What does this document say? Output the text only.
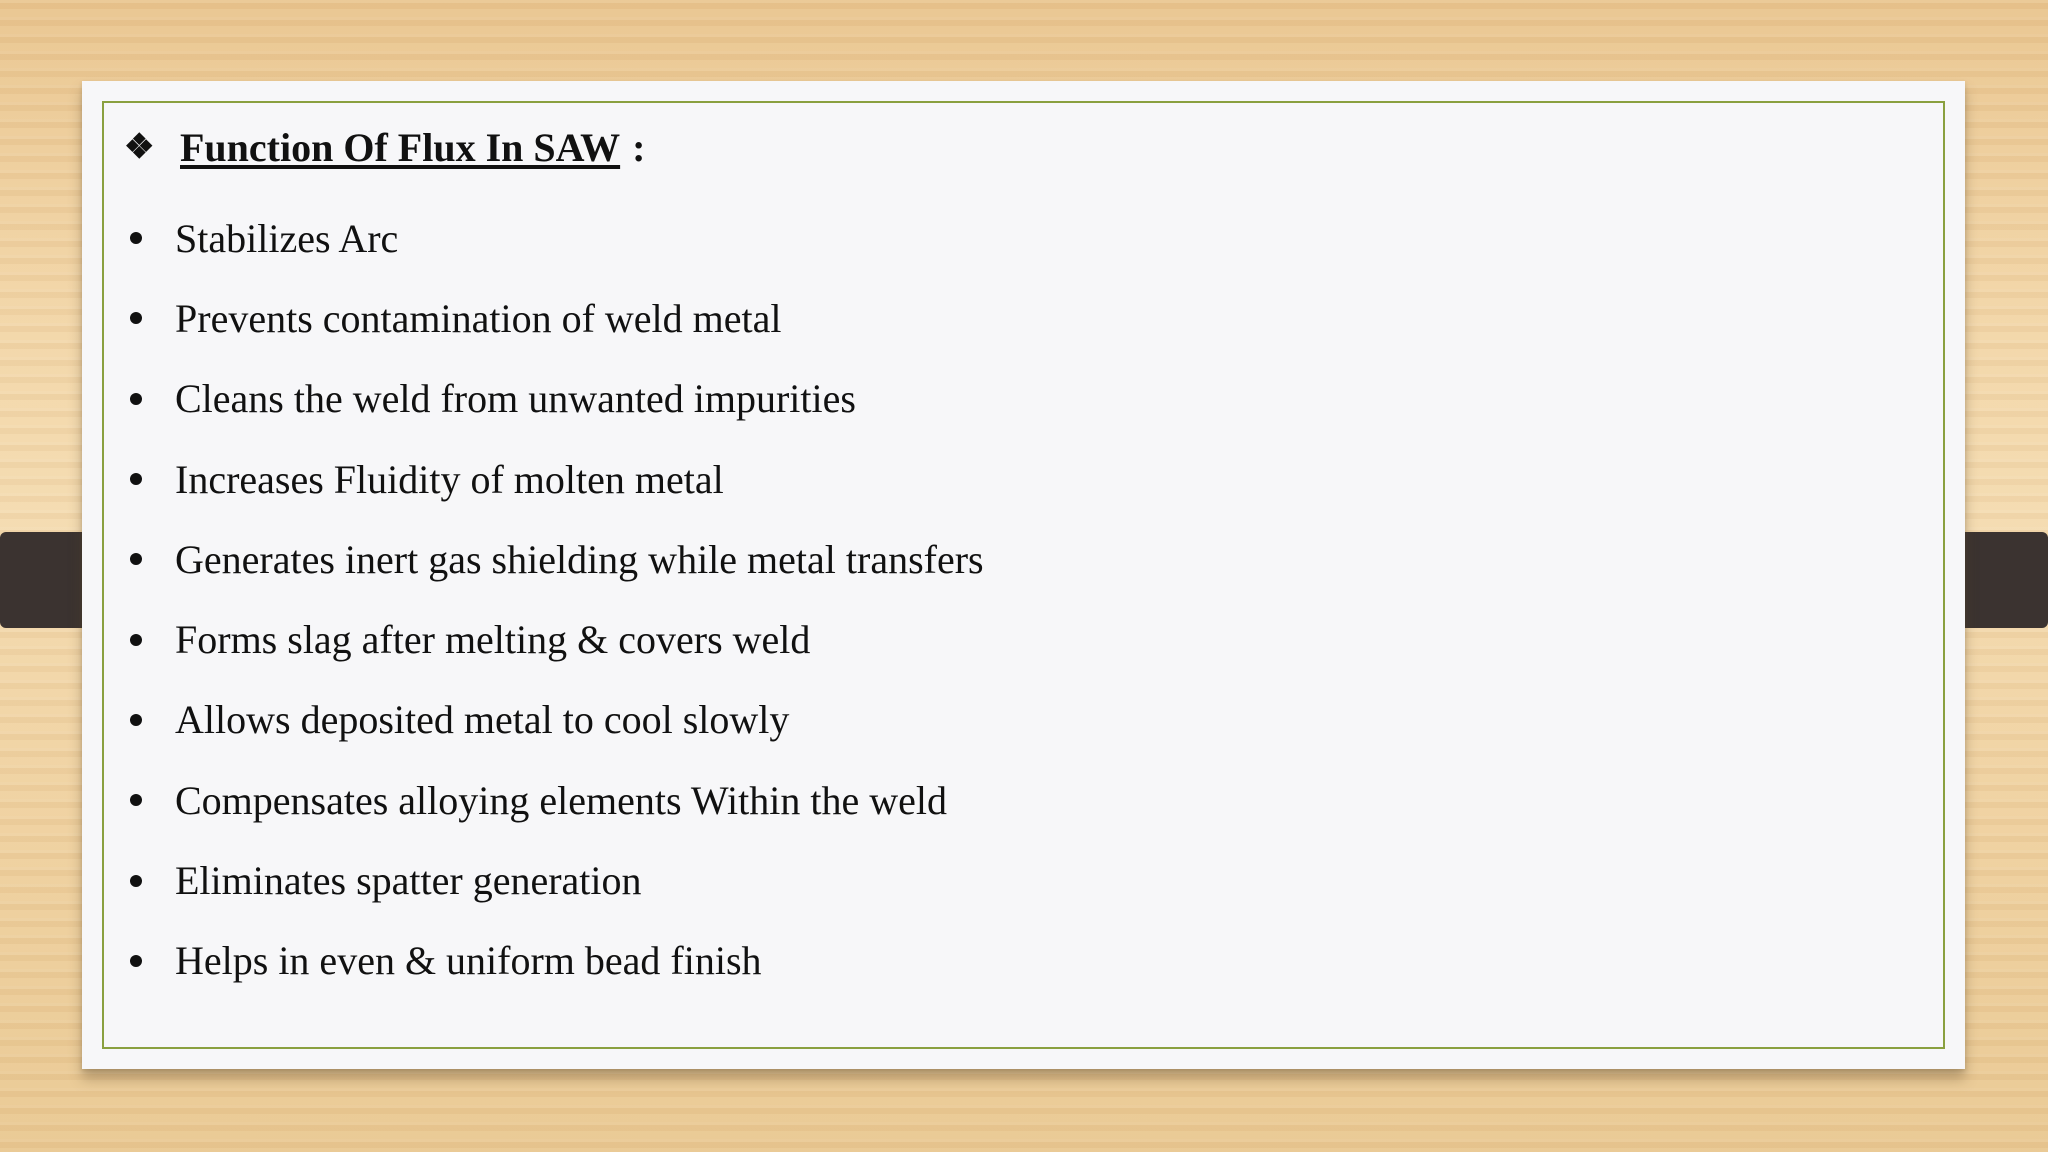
❖ Function Of Flux In SAW :
Stabilizes Arc
Prevents contamination of weld metal
Cleans the weld from unwanted impurities
Increases Fluidity of molten metal
Generates inert gas shielding while metal transfers
Forms slag after melting & covers weld
Allows deposited metal to cool slowly
Compensates alloying elements Within the weld
Eliminates spatter generation
Helps in even & uniform bead finish
